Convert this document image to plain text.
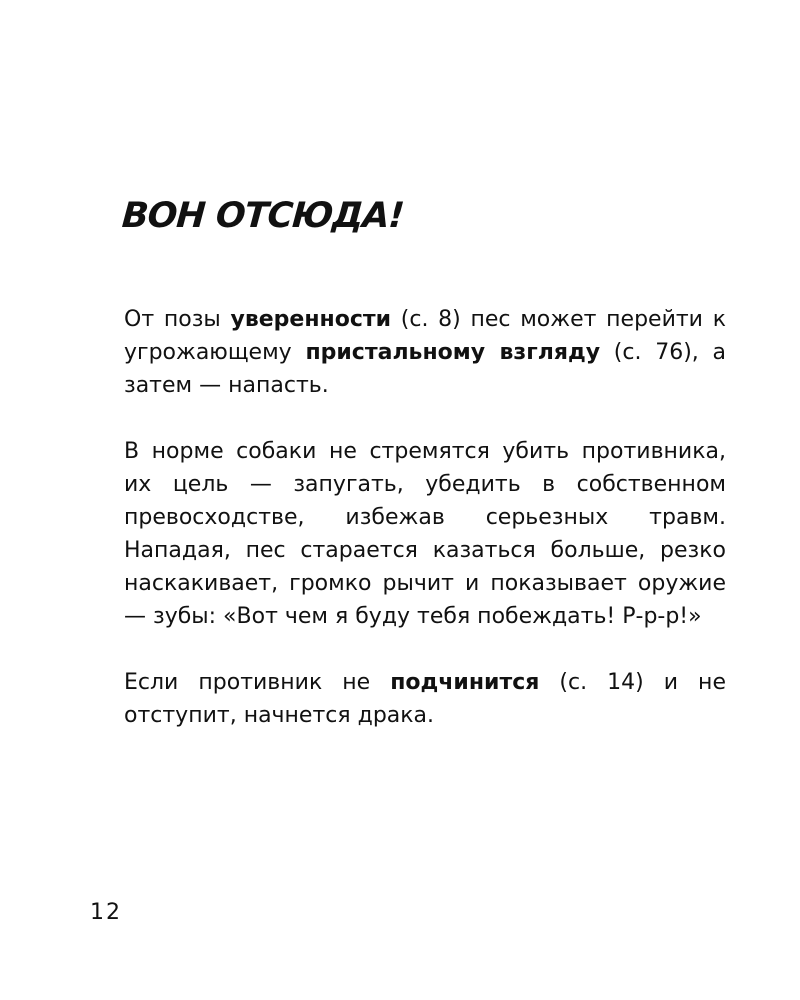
ВОН ОТСЮДА!

От позы уверенности (с. 8) пес может перейти к угрожающему пристальному взгляду (с. 76), а затем — напасть.

В норме собаки не стремятся убить противника, их цель — запугать, убедить в собственном превосходстве, избежав серьезных травм. Нападая, пес старается казаться больше, резко наскакивает, громко рычит и показывает оружие — зубы: «Вот чем я буду тебя побеждать! Р-р-р!»

Если противник не подчинится (с. 14) и не отступит, начнется драка.

12
